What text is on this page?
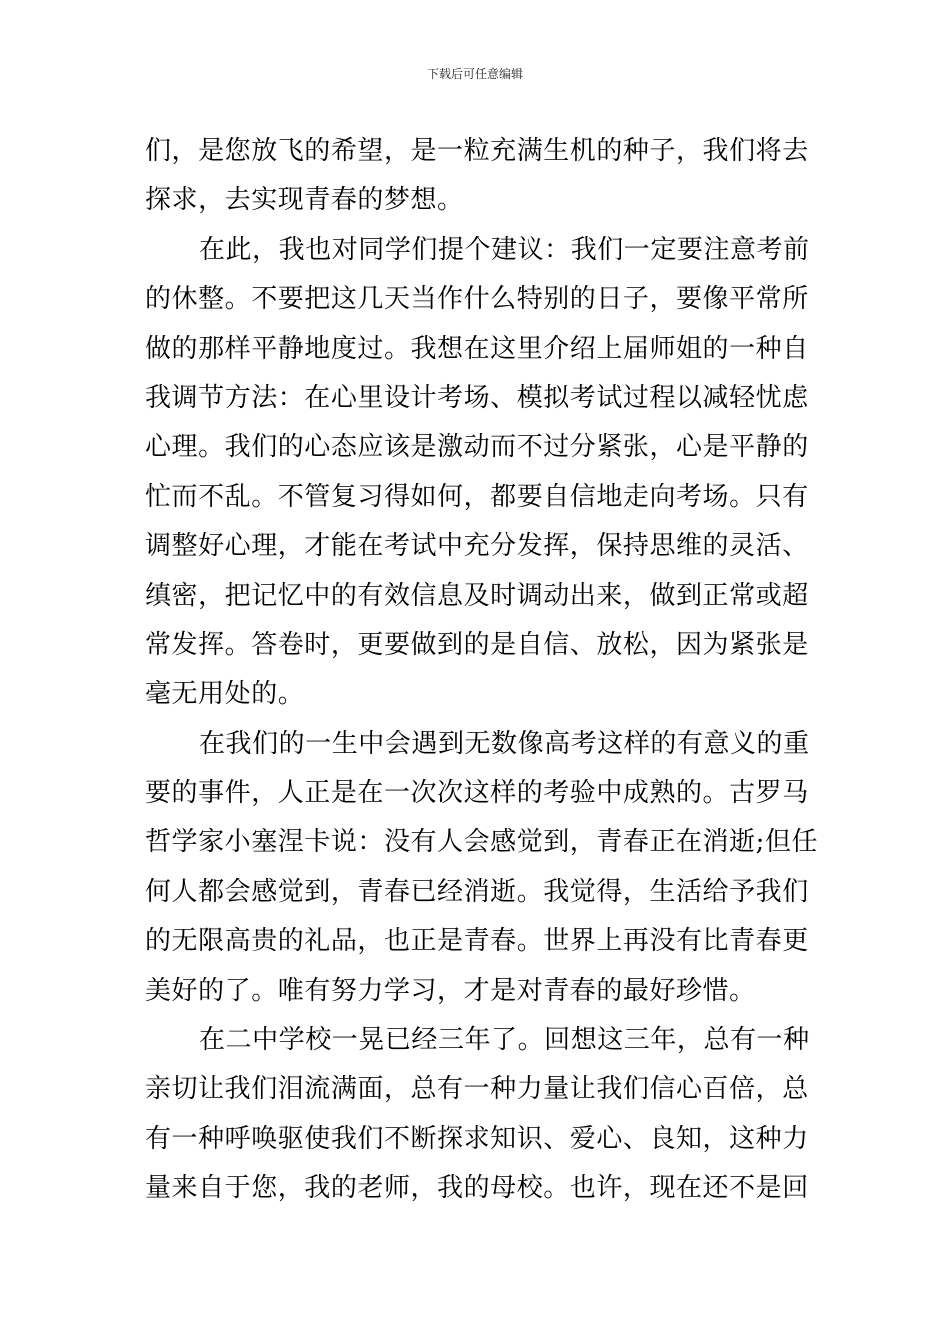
下载后可任意编辑
们，是您放飞的希望，是一粒充满生机的种子，我们将去
探求，去实现青春的梦想。
在此，我也对同学们提个建议：我们一定要注意考前
的休整。不要把这几天当作什么特别的日子，要像平常所
做的那样平静地度过。我想在这里介绍上届师姐的一种自
我调节方法：在心里设计考场、模拟考试过程以减轻忧虑
心理。我们的心态应该是激动而不过分紧张，心是平静的
忙而不乱。不管复习得如何，都要自信地走向考场。只有
调整好心理，才能在考试中充分发挥，保持思维的灵活、
缜密，把记忆中的有效信息及时调动出来，做到正常或超
常发挥。答卷时，更要做到的是自信、放松，因为紧张是
毫无用处的。
在我们的一生中会遇到无数像高考这样的有意义的重
要的事件，人正是在一次次这样的考验中成熟的。古罗马
哲学家小塞涅卡说：没有人会感觉到，青春正在消逝;但任
何人都会感觉到，青春已经消逝。我觉得，生活给予我们
的无限高贵的礼品，也正是青春。世界上再没有比青春更
美好的了。唯有努力学习，才是对青春的最好珍惜。
在二中学校一晃已经三年了。回想这三年，总有一种
亲切让我们泪流满面，总有一种力量让我们信心百倍，总
有一种呼唤驱使我们不断探求知识、爱心、良知，这种力
量来自于您，我的老师，我的母校。也许，现在还不是回
